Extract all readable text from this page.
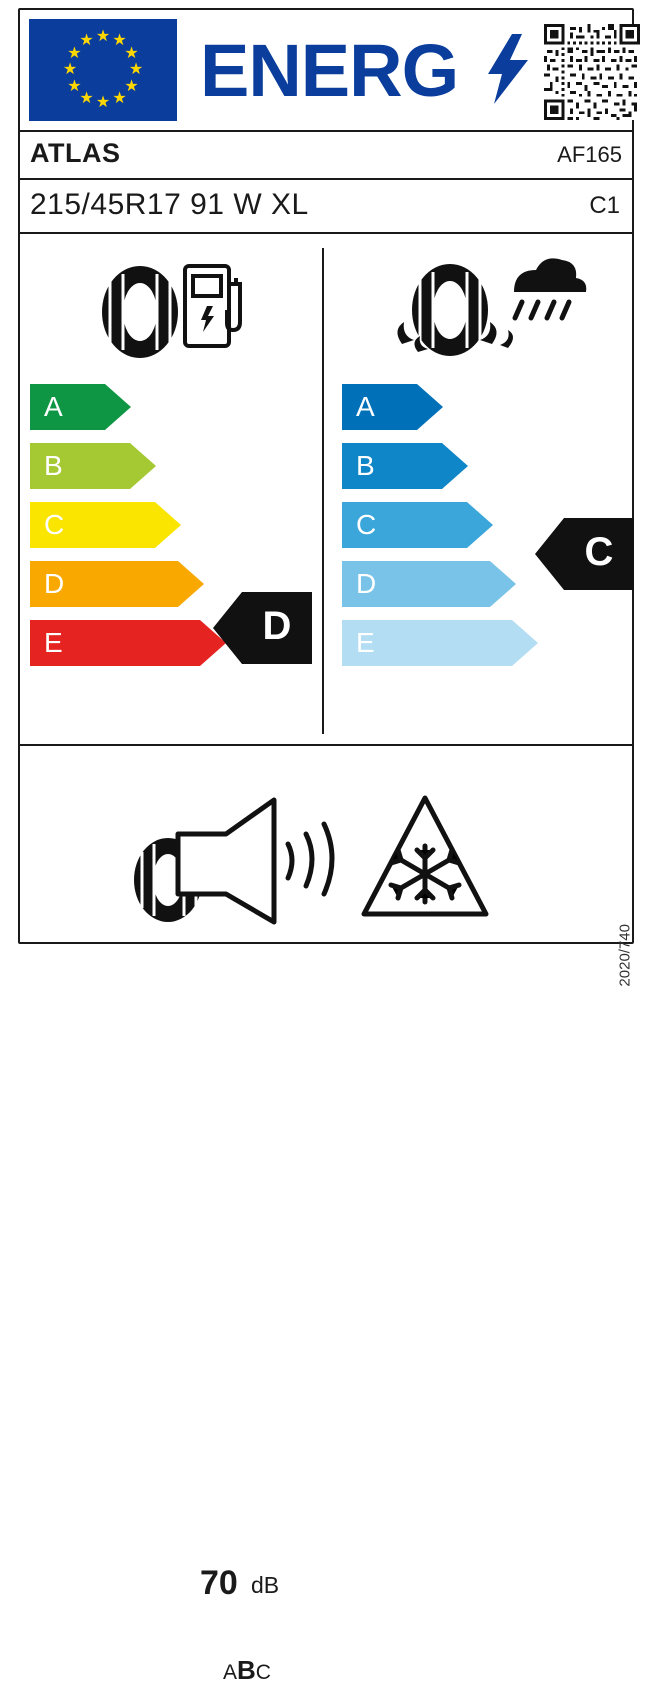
★ ★
★
★
★
★
★
★
★
★
★
★ ENERG
ATLAS	AF165
215/45R17 91 W XL	C1
A
B
C
D
E	D
A
B
C
D
E
C
70 dB
ABC
2020/740
